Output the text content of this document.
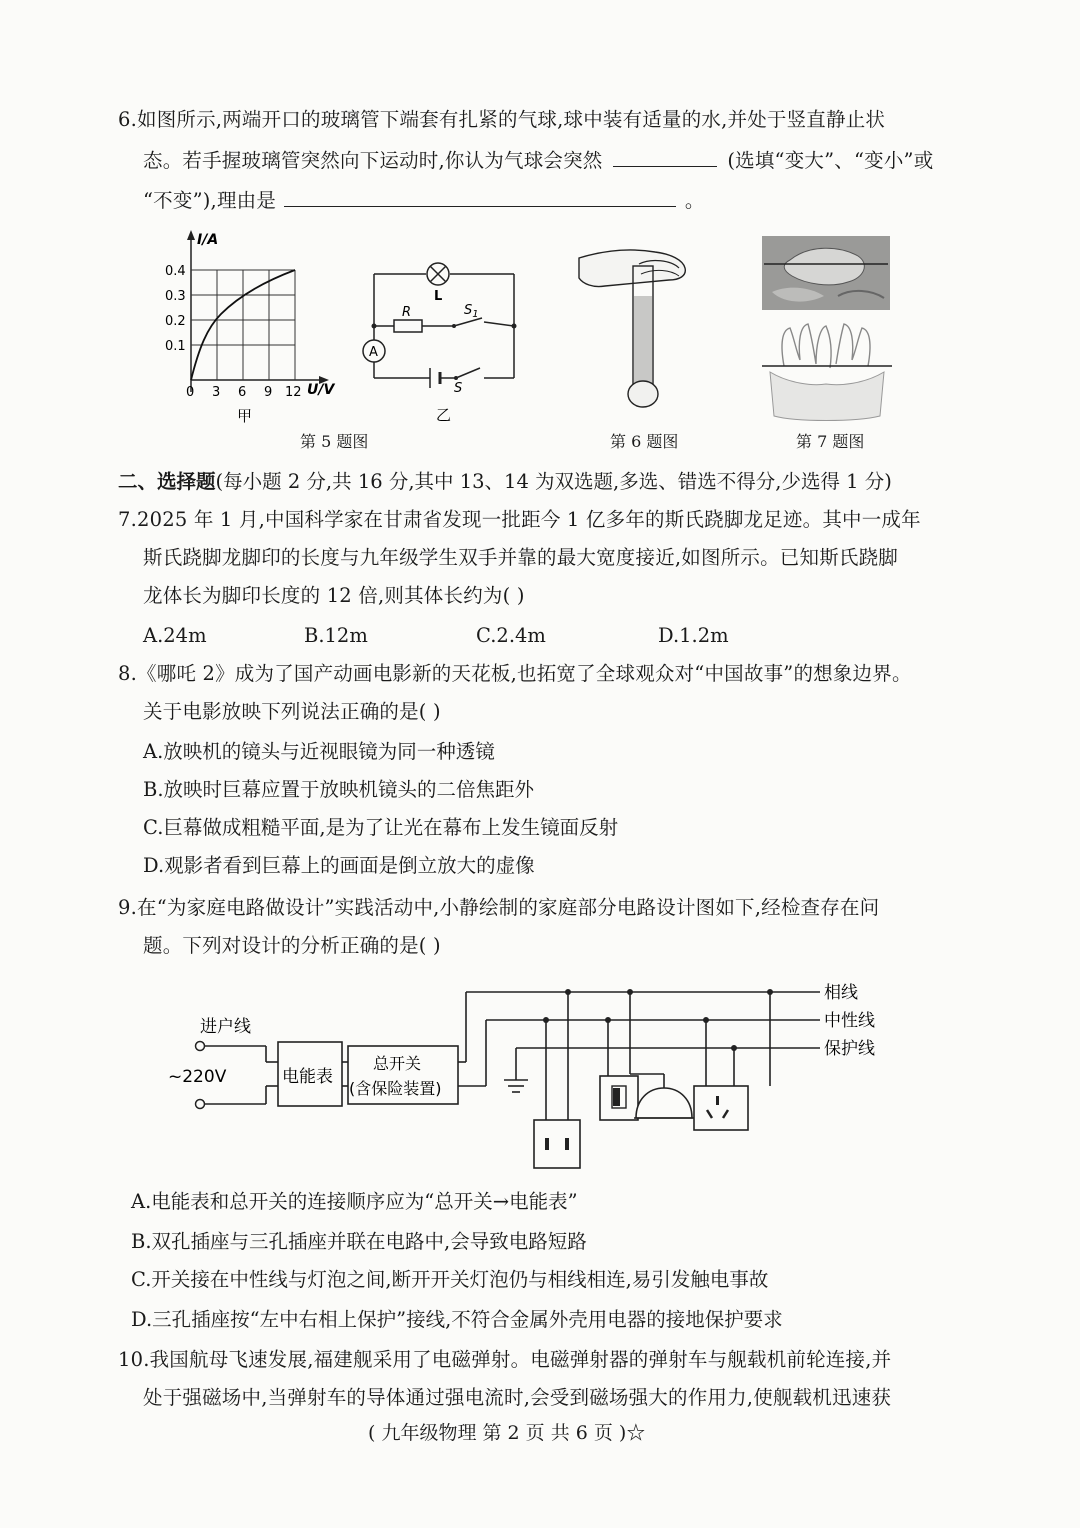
6.如图所示,两端开口的玻璃管下端套有扎紧的气球,球中装有适量的水,并处于竖直静止状
态。若手握玻璃管突然向下运动时,你认为气球会突然	(选填“变大”、“变小”或
“不变”),理由是	。
I/A
U/V
0.4
0.3
0.2
0.1
0 3 6 9 12
甲
A
L
R	$S_1$
S
乙
第 5 题图	第 6 题图	第 7 题图
二、选择题(每小题 2 分,共 16 分,其中 13、14 为双选题,多选、错选不得分,少选得 1 分)
7.2025 年 1 月,中国科学家在甘肃省发现一批距今 1 亿多年的斯氏跷脚龙足迹。其中一成年
斯氏跷脚龙脚印的长度与九年级学生双手并靠的最大宽度接近,如图所示。已知斯氏跷脚
龙体长为脚印长度的 12 倍,则其体长约为( )
A.24m	B.12m	C.2.4m	D.1.2m
8.《哪吒 2》成为了国产动画电影新的天花板,也拓宽了全球观众对“中国故事”的想象边界。
关于电影放映下列说法正确的是( )
A.放映机的镜头与近视眼镜为同一种透镜
B.放映时巨幕应置于放映机镜头的二倍焦距外
C.巨幕做成粗糙平面,是为了让光在幕布上发生镜面反射
D.观影者看到巨幕上的画面是倒立放大的虚像
9.在“为家庭电路做设计”实践活动中,小静绘制的家庭部分电路设计图如下,经检查存在问
题。下列对设计的分析正确的是( )
电能表
总开关
(含保险装置)
进户线
~220V
相线
中性线
保护线
A.电能表和总开关的连接顺序应为“总开关→电能表”
B.双孔插座与三孔插座并联在电路中,会导致电路短路
C.开关接在中性线与灯泡之间,断开开关灯泡仍与相线相连,易引发触电事故
D.三孔插座按“左中右相上保护”接线,不符合金属外壳用电器的接地保护要求
10.我国航母飞速发展,福建舰采用了电磁弹射。电磁弹射器的弹射车与舰载机前轮连接,并
处于强磁场中,当弹射车的导体通过强电流时,会受到磁场强大的作用力,使舰载机迅速获
( 九年级物理 第 2 页 共 6 页 )☆
